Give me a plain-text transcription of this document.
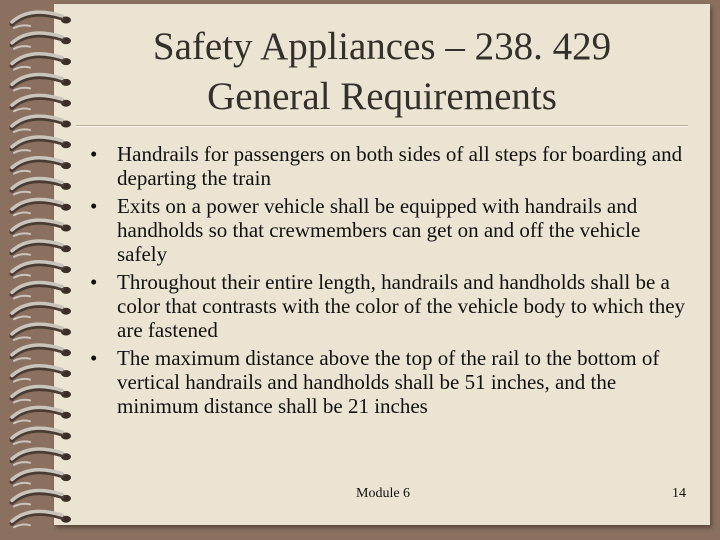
Safety Appliances – 238. 429
General Requirements
• Handrails for passengers on both sides of all steps for boarding and departing the train
• Exits on a power vehicle shall be equipped with handrails and handholds so that crewmembers can get on and off the vehicle safely
• Throughout their entire length, handrails and handholds shall be a color that contrasts with the color of the vehicle body to which they are fastened
• The maximum distance above the top of the rail to the bottom of vertical handrails and handholds shall be 51 inches, and the minimum distance shall be 21 inches
Module 6	14
